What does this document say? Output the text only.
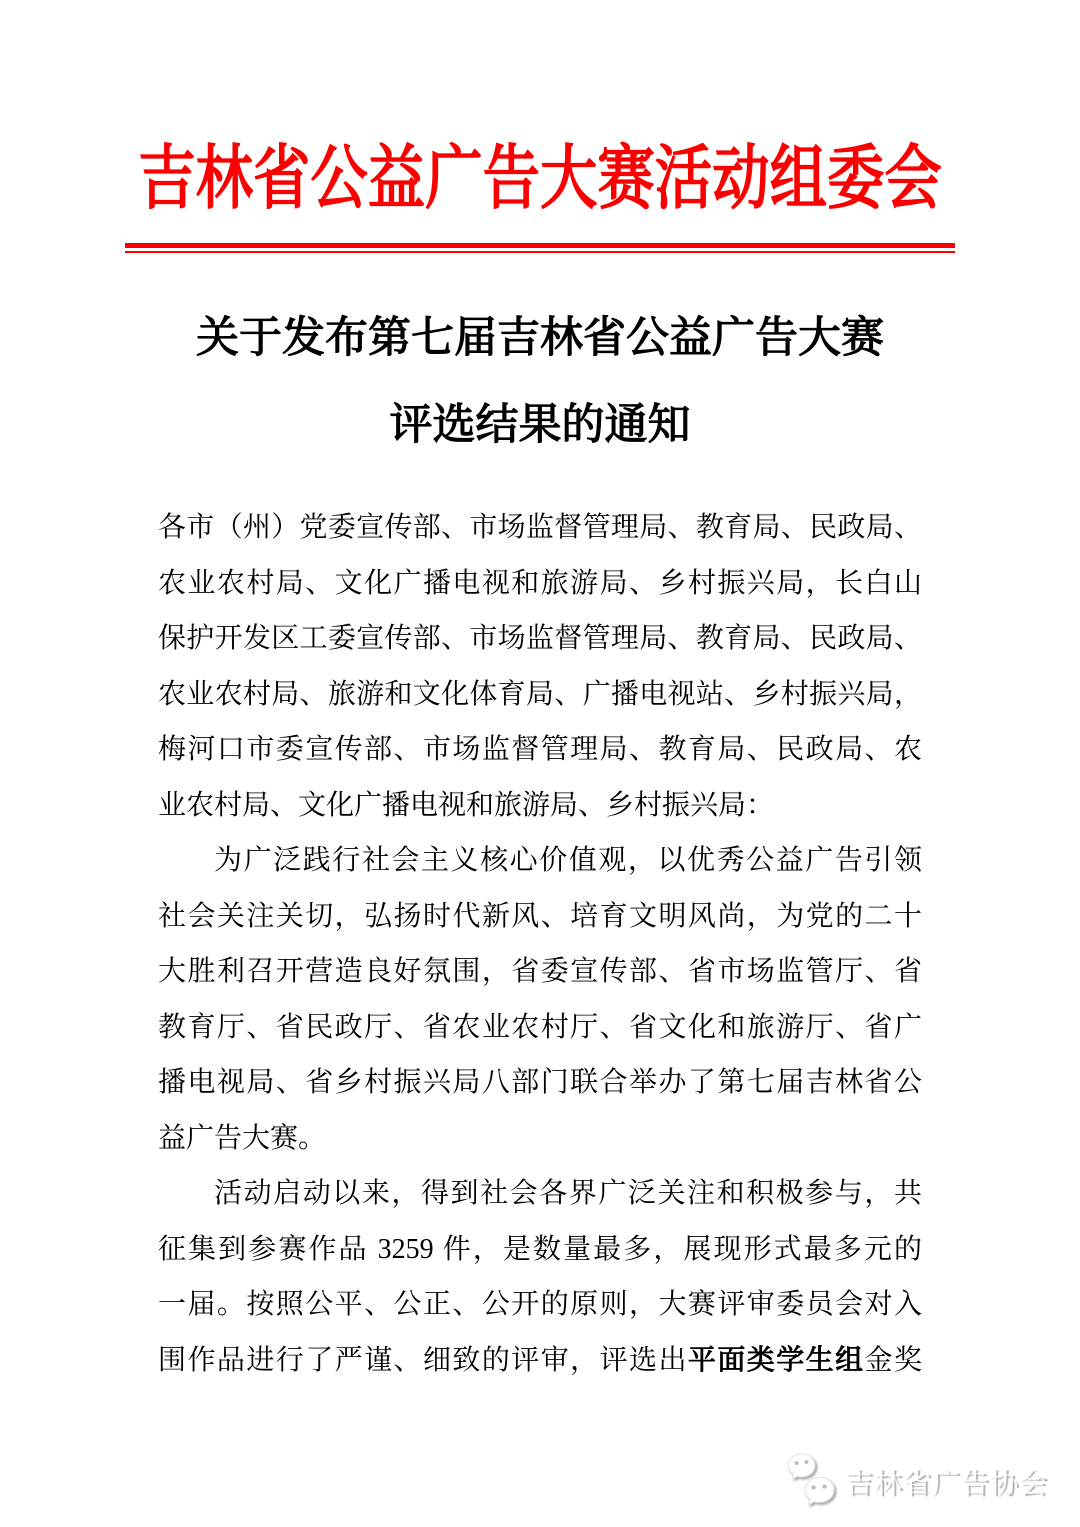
吉林省公益广告大赛活动组委会
关于发布第七届吉林省公益广告大赛
评选结果的通知
各市（州）党委宣传部、市场监督管理局、教育局、民政局、
农业农村局、文化广播电视和旅游局、乡村振兴局，长白山
保护开发区工委宣传部、市场监督管理局、教育局、民政局、
农业农村局、旅游和文化体育局、广播电视站、乡村振兴局，
梅河口市委宣传部、市场监督管理局、教育局、民政局、农
业农村局、文化广播电视和旅游局、乡村振兴局：
为广泛践行社会主义核心价值观，以优秀公益广告引领
社会关注关切，弘扬时代新风、培育文明风尚，为党的二十
大胜利召开营造良好氛围，省委宣传部、省市场监管厅、省
教育厅、省民政厅、省农业农村厅、省文化和旅游厅、省广
播电视局、省乡村振兴局八部门联合举办了第七届吉林省公
益广告大赛。
活动启动以来，得到社会各界广泛关注和积极参与，共
征集到参赛作品 3259 件，是数量最多，展现形式最多元的
一届。按照公平、公正、公开的原则，大赛评审委员会对入
围作品进行了严谨、细致的评审，评选出平面类学生组金奖
吉林省广告协会
